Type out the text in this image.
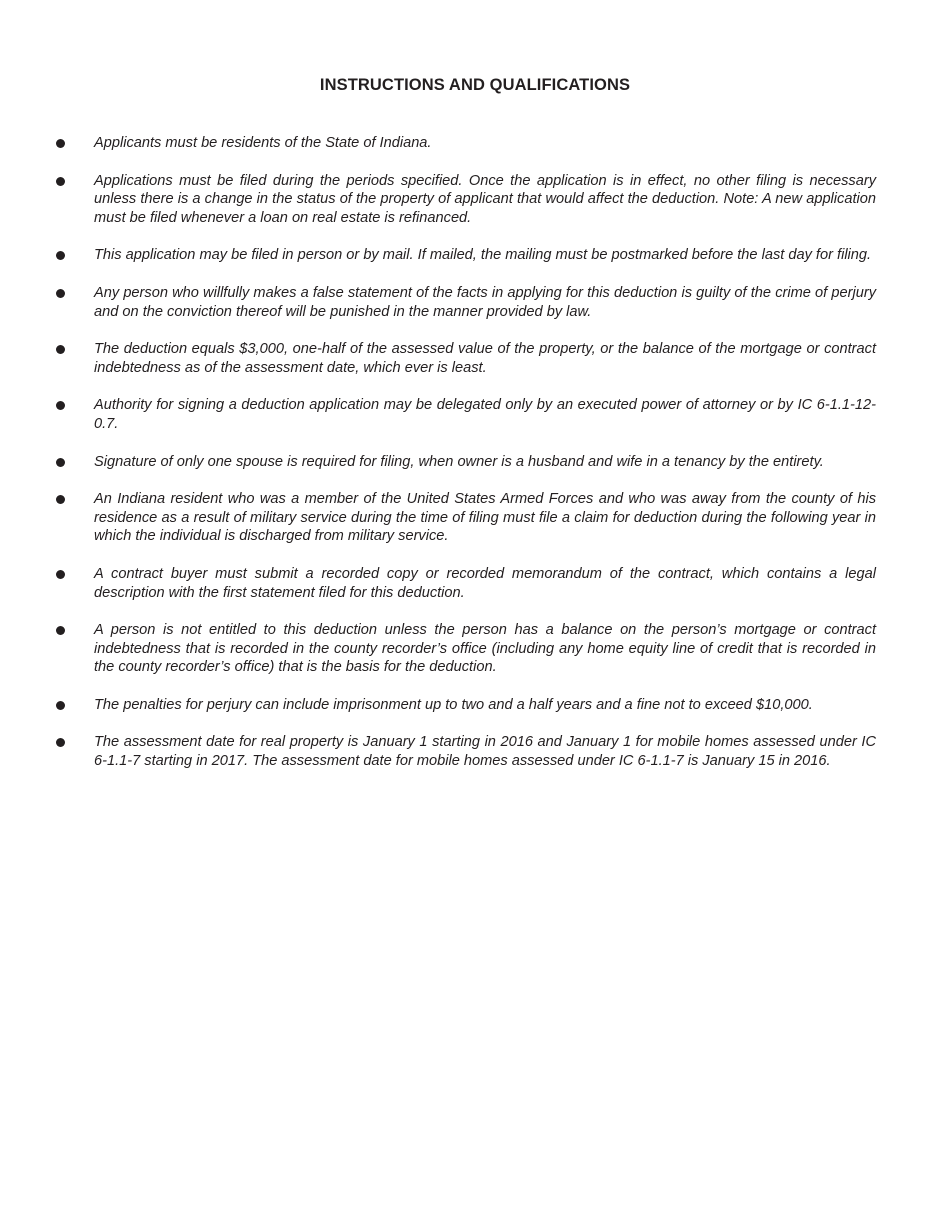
INSTRUCTIONS AND QUALIFICATIONS
Applicants must be residents of the State of Indiana.
Applications must be filed during the periods specified. Once the application is in effect, no other filing is necessary unless there is a change in the status of the property of applicant that would affect the deduction. Note: A new application must be filed whenever a loan on real estate is refinanced.
This application may be filed in person or by mail. If mailed, the mailing must be postmarked before the last day for filing.
Any person who willfully makes a false statement of the facts in applying for this deduction is guilty of the crime of perjury and on the conviction thereof will be punished in the manner provided by law.
The deduction equals $3,000, one-half of the assessed value of the property, or the balance of the mortgage or contract indebtedness as of the assessment date, which ever is least.
Authority for signing a deduction application may be delegated only by an executed power of attorney or by IC 6-1.1-12-0.7.
Signature of only one spouse is required for filing, when owner is a husband and wife in a tenancy by the entirety.
An Indiana resident who was a member of the United States Armed Forces and who was away from the county of his residence as a result of military service during the time of filing must file a claim for deduction during the following year in which the individual is discharged from military service.
A contract buyer must submit a recorded copy or recorded memorandum of the contract, which contains a legal description with the first statement filed for this deduction.
A person is not entitled to this deduction unless the person has a balance on the person’s mortgage or contract indebtedness that is recorded in the county recorder’s office (including any home equity line of credit that is recorded in the county recorder’s office) that is the basis for the deduction.
The penalties for perjury can include imprisonment up to two and a half years and a fine not to exceed $10,000.
The assessment date for real property is January 1 starting in 2016 and January 1 for mobile homes assessed under IC 6-1.1-7 starting in 2017. The assessment date for mobile homes assessed under IC 6-1.1-7 is January 15 in 2016.
